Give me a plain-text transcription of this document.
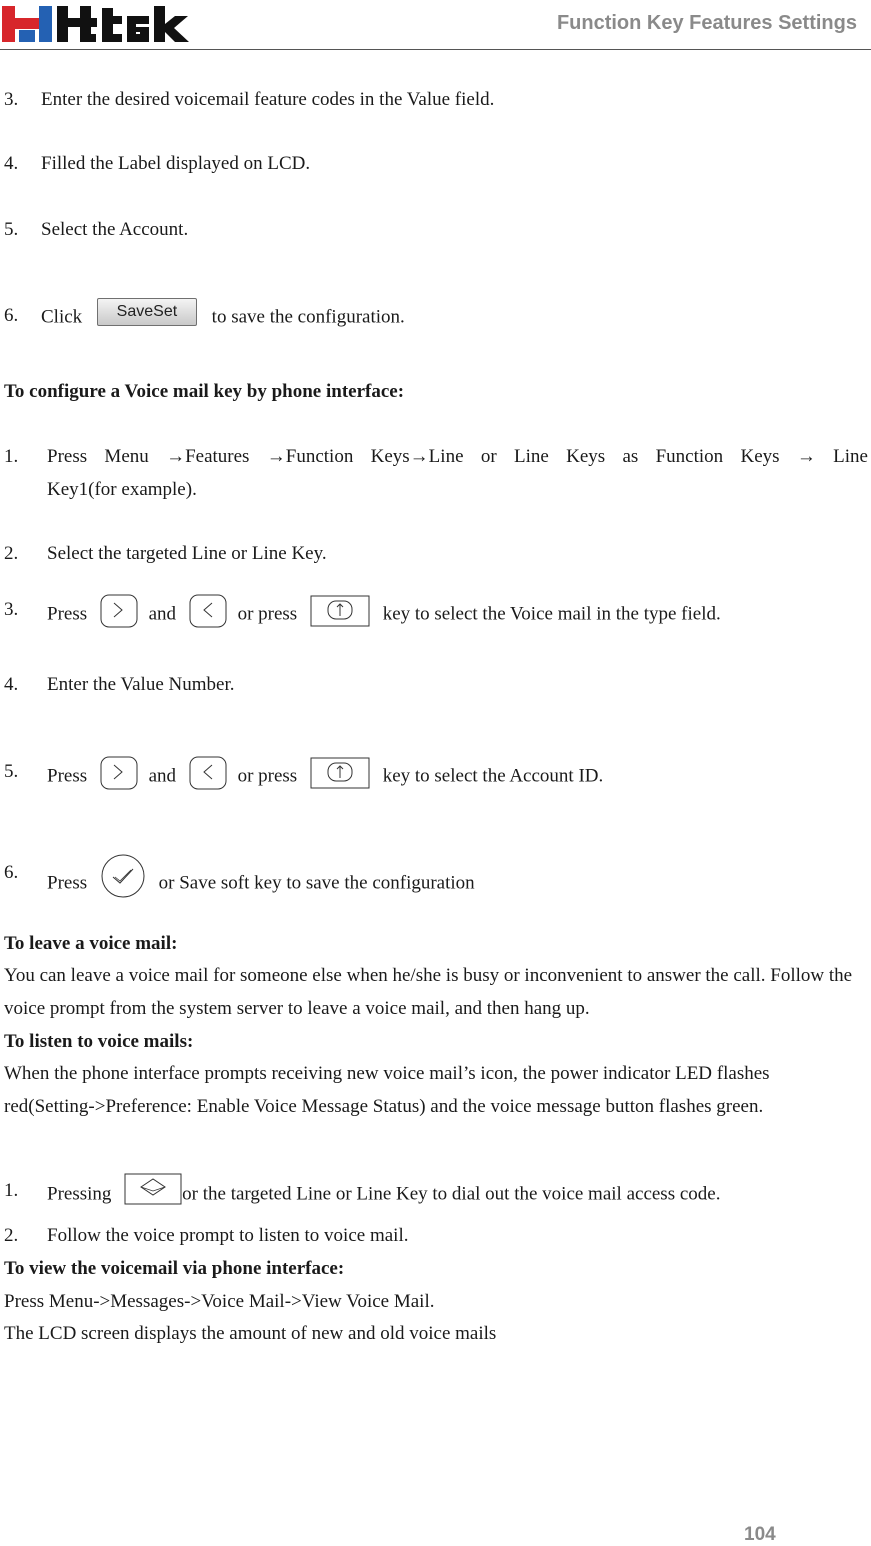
Function Key Features Settings
3. Enter the desired voicemail feature codes in the Value field.
4. Filled the Label displayed on LCD.
5. Select the Account.
6. Click SaveSet to save the configuration.
To configure a Voice mail key by phone interface:
1. Press Menu →Features →Function Keys→Line or Line Keys as Function Keys → Line
Key1(for example).
2. Select the targeted Line or Line Key.
3. Press	and	or press	key to select the Voice mail in the type field.
4. Enter the Value Number.
5. Press	and	or press	key to select the Account ID.
6. Press	or Save soft key to save the configuration
To leave a voice mail:
You can leave a voice mail for someone else when he/she is busy or inconvenient to answer the call. Follow the voice prompt from the system server to leave a voice mail, and then hang up.
To listen to voice mails:
When the phone interface prompts receiving new voice mail’s icon, the power indicator LED flashes red(Setting->Preference: Enable Voice Message Status) and the voice message button flashes green.
1. Pressing	or the targeted Line or Line Key to dial out the voice mail access code.
2. Follow the voice prompt to listen to voice mail.
To view the voicemail via phone interface:
Press Menu->Messages->Voice Mail->View Voice Mail.
The LCD screen displays the amount of new and old voice mails
104
